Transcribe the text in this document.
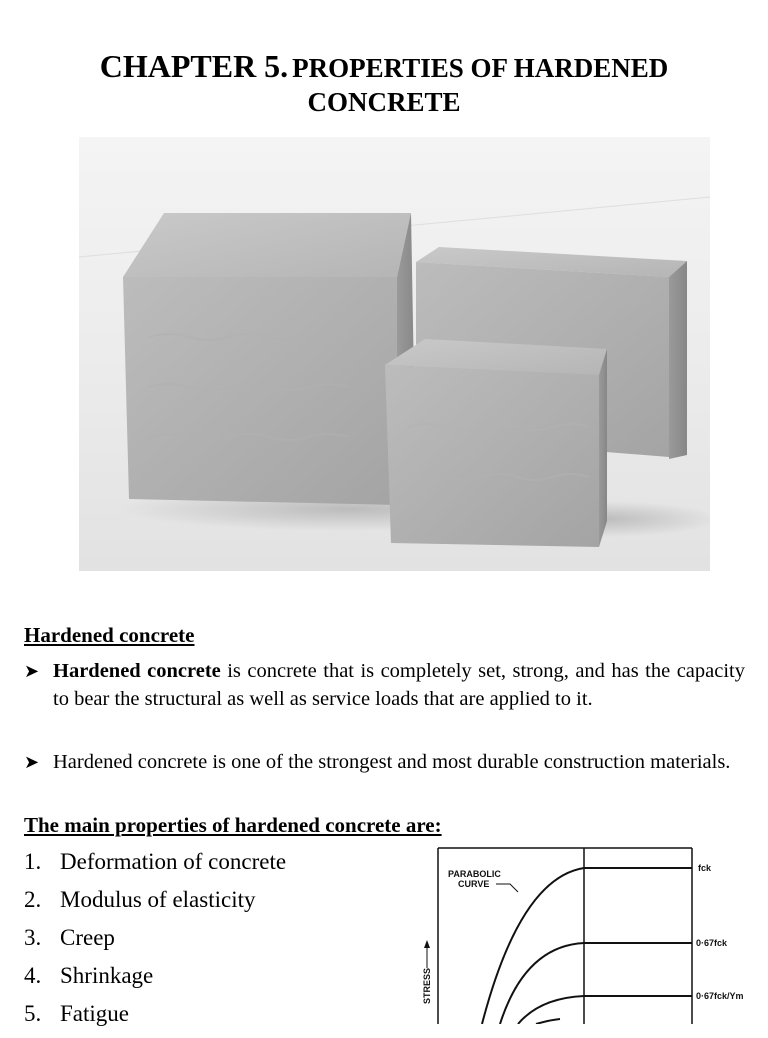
CHAPTER 5. PROPERTIES OF HARDENED
CONCRETE
Hardened concrete
➤ Hardened concrete is concrete that is completely set, strong, and has the capacity to bear the structural as well as service loads that are applied to it.
➤ Hardened concrete is one of the strongest and most durable construction materials.
The main properties of hardened concrete are:
1. Deformation of concrete
2. Modulus of elasticity
3. Creep
4. Shrinkage
5. Fatigue
PARABOLIC
CURVE
STRESS
fck
0·67fck
0·67fck/Ym
